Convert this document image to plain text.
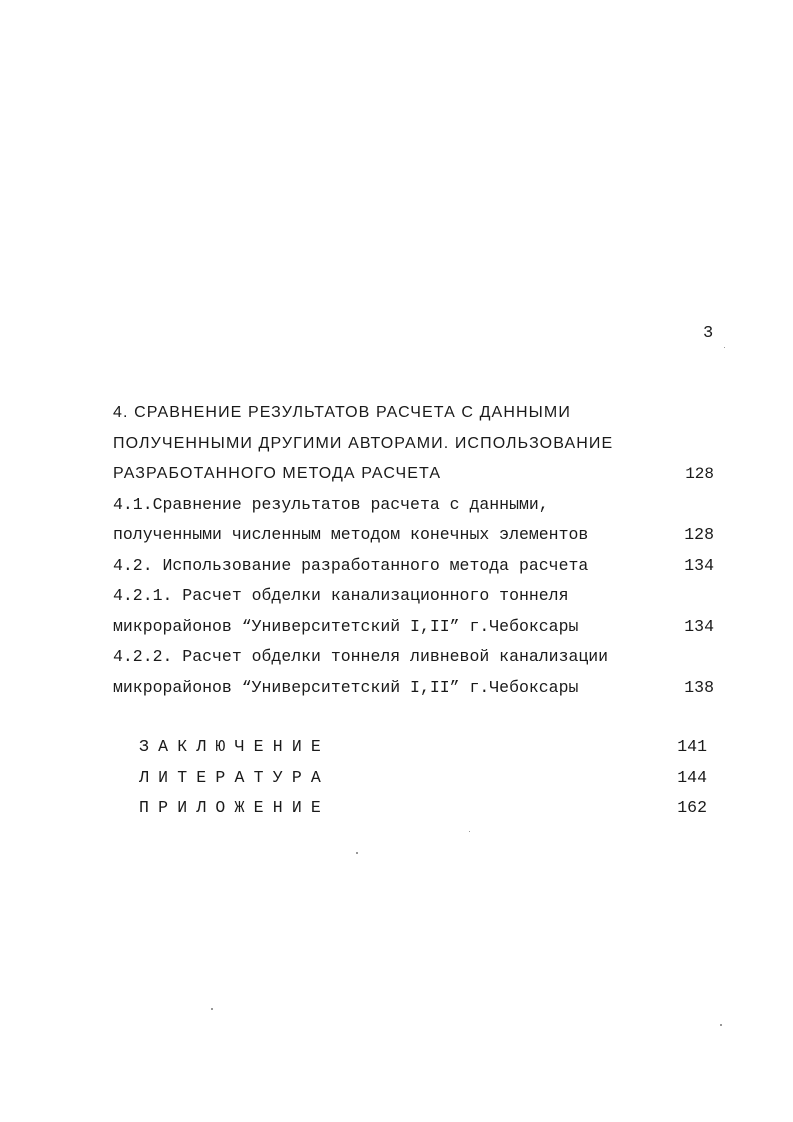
3
4. СРАВНЕНИЕ РЕЗУЛЬТАТОВ РАСЧЕТА С ДАННЫМИ
ПОЛУЧЕННЫМИ ДРУГИМИ АВТОРАМИ. ИСПОЛЬЗОВАНИЕ
РАЗРАБОТАННОГО МЕТОДА РАСЧЕТА	128
4.1.Сравнение результатов расчета с данными,
полученными численным методом конечных элементов	128
4.2. Использование разработанного метода расчета	134
4.2.1. Расчет обделки канализационного тоннеля
микрорайонов “Университетский I,II” г.Чебоксары	134
4.2.2. Расчет обделки тоннеля ливневой канализации
микрорайонов “Университетский I,II” г.Чебоксары	138
ЗАКЛЮЧЕНИЕ	141
ЛИТЕРАТУРА	144
ПРИЛОЖЕНИЕ	162
